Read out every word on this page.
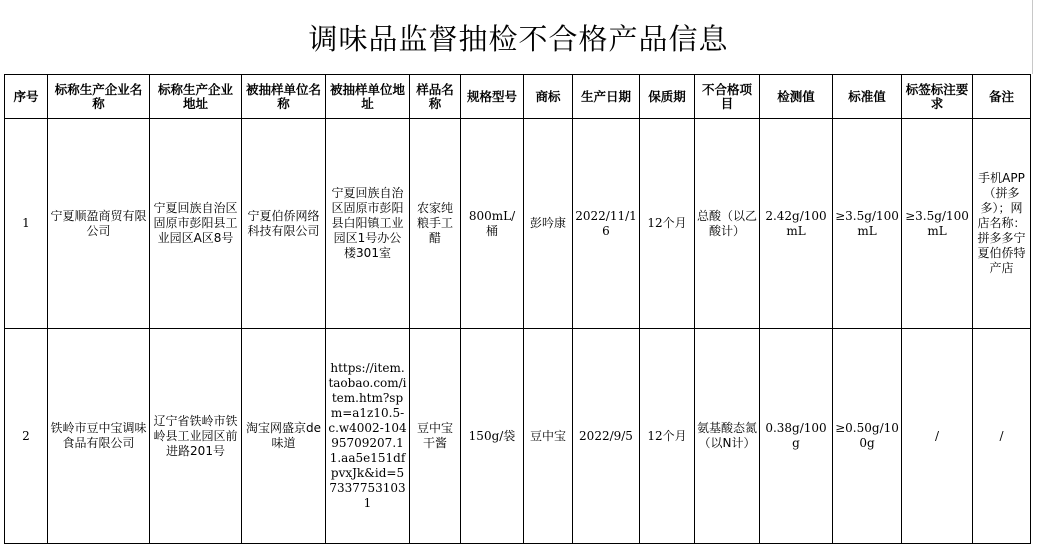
调味品监督抽检不合格产品信息
序号	标称生产企业名称	标称生产企业地址	被抽样单位名称	被抽样单位地址	样品名称	规格型号	商标	生产日期	保质期	不合格项目	检测值	标准值	标签标注要求	备注
1	宁夏顺盈商贸有限公司	宁夏回族自治区固原市彭阳县工业园区A区8号	宁夏伯侨网络科技有限公司	宁夏回族自治区固原市彭阳县白阳镇工业园区1号办公楼301室	农家纯粮手工醋	800mL/桶	彭吟康	2022/11/16	12个月	总酸（以乙酸计）	2.42g/100mL	≥3.5g/100mL	≥3.5g/100mL	手机APP（拼多多）；网店名称：拼多多宁夏伯侨特产店
2	铁岭市豆中宝调味食品有限公司	辽宁省铁岭市铁岭县工业园区前进路201号	淘宝网盛京de味道	https://item.taobao.com/item.htm?spm=a1z10.5-c.w4002-10495709207.11.aa5e151dfpvxJk&id=573377531031	豆中宝干酱	150g/袋	豆中宝	2022/9/5	12个月	氨基酸态氮（以N计）	0.38g/100g	≥0.50g/100g	/	/
